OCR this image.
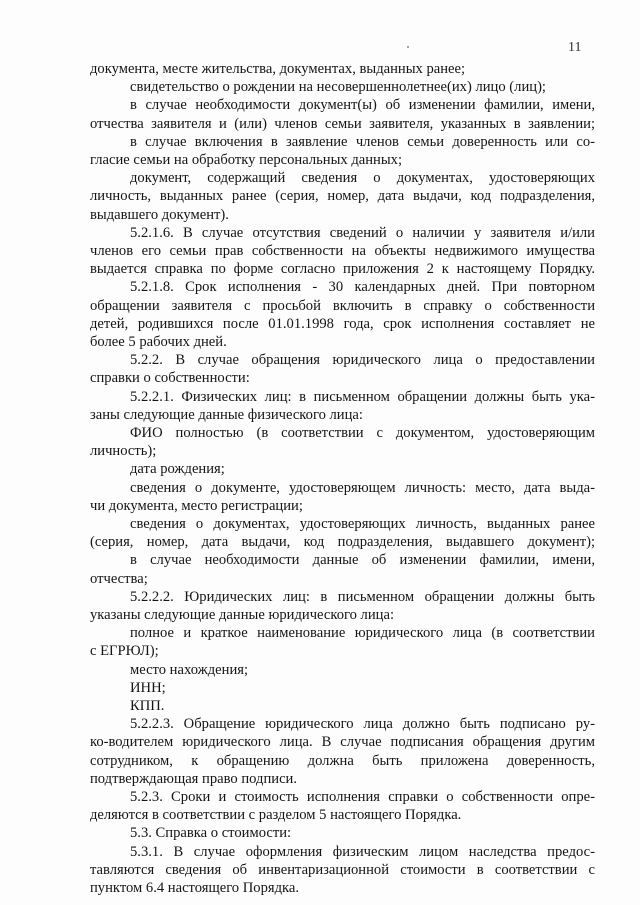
11
документа, месте жительства, документах, выданных ранее;
свидетельство о рождении на несовершеннолетнее(их) лицо (лиц);
в случае необходимости документ(ы) об изменении фамилии, имени,
отчества заявителя и (или) членов семьи заявителя, указанных в заявлении;
в случае включения в заявление членов семьи доверенность или со-
гласие семьи на обработку персональных данных;
документ, содержащий сведения о документах, удостоверяющих
личность, выданных ранее (серия, номер, дата выдачи, код подразделения,
выдавшего документ).
5.2.1.6. В случае отсутствия сведений о наличии у заявителя и/или
членов его семьи прав собственности на объекты недвижимого имущества
выдается справка по форме согласно приложения 2 к настоящему Порядку.
5.2.1.8. Срок исполнения - 30 календарных дней. При повторном
обращении заявителя с просьбой включить в справку о собственности
детей, родившихся после 01.01.1998 года, срок исполнения составляет не
более 5 рабочих дней.
5.2.2. В случае обращения юридического лица о предоставлении
справки о собственности:
5.2.2.1. Физических лиц: в письменном обращении должны быть ука-
заны следующие данные физического лица:
ФИО полностью (в соответствии с документом, удостоверяющим
личность);
дата рождения;
сведения о документе, удостоверяющем личность: место, дата выда-
чи документа, место регистрации;
сведения о документах, удостоверяющих личность, выданных ранее
(серия, номер, дата выдачи, код подразделения, выдавшего документ);
в случае необходимости данные об изменении фамилии, имени,
отчества;
5.2.2.2. Юридических лиц: в письменном обращении должны быть
указаны следующие данные юридического лица:
полное и краткое наименование юридического лица (в соответствии
с ЕГРЮЛ);
место нахождения;
ИНН;
КПП.
5.2.2.3. Обращение юридического лица должно быть подписано ру-
ко-водителем юридического лица. В случае подписания обращения другим
сотрудником, к обращению должна быть приложена доверенность,
подтверждающая право подписи.
5.2.3. Сроки и стоимость исполнения справки о собственности опре-
деляются в соответствии с разделом 5 настоящего Порядка.
5.3. Справка о стоимости:
5.3.1. В случае оформления физическим лицом наследства предос-
тавляются сведения об инвентаризационной стоимости в соответствии с
пунктом 6.4 настоящего Порядка.
